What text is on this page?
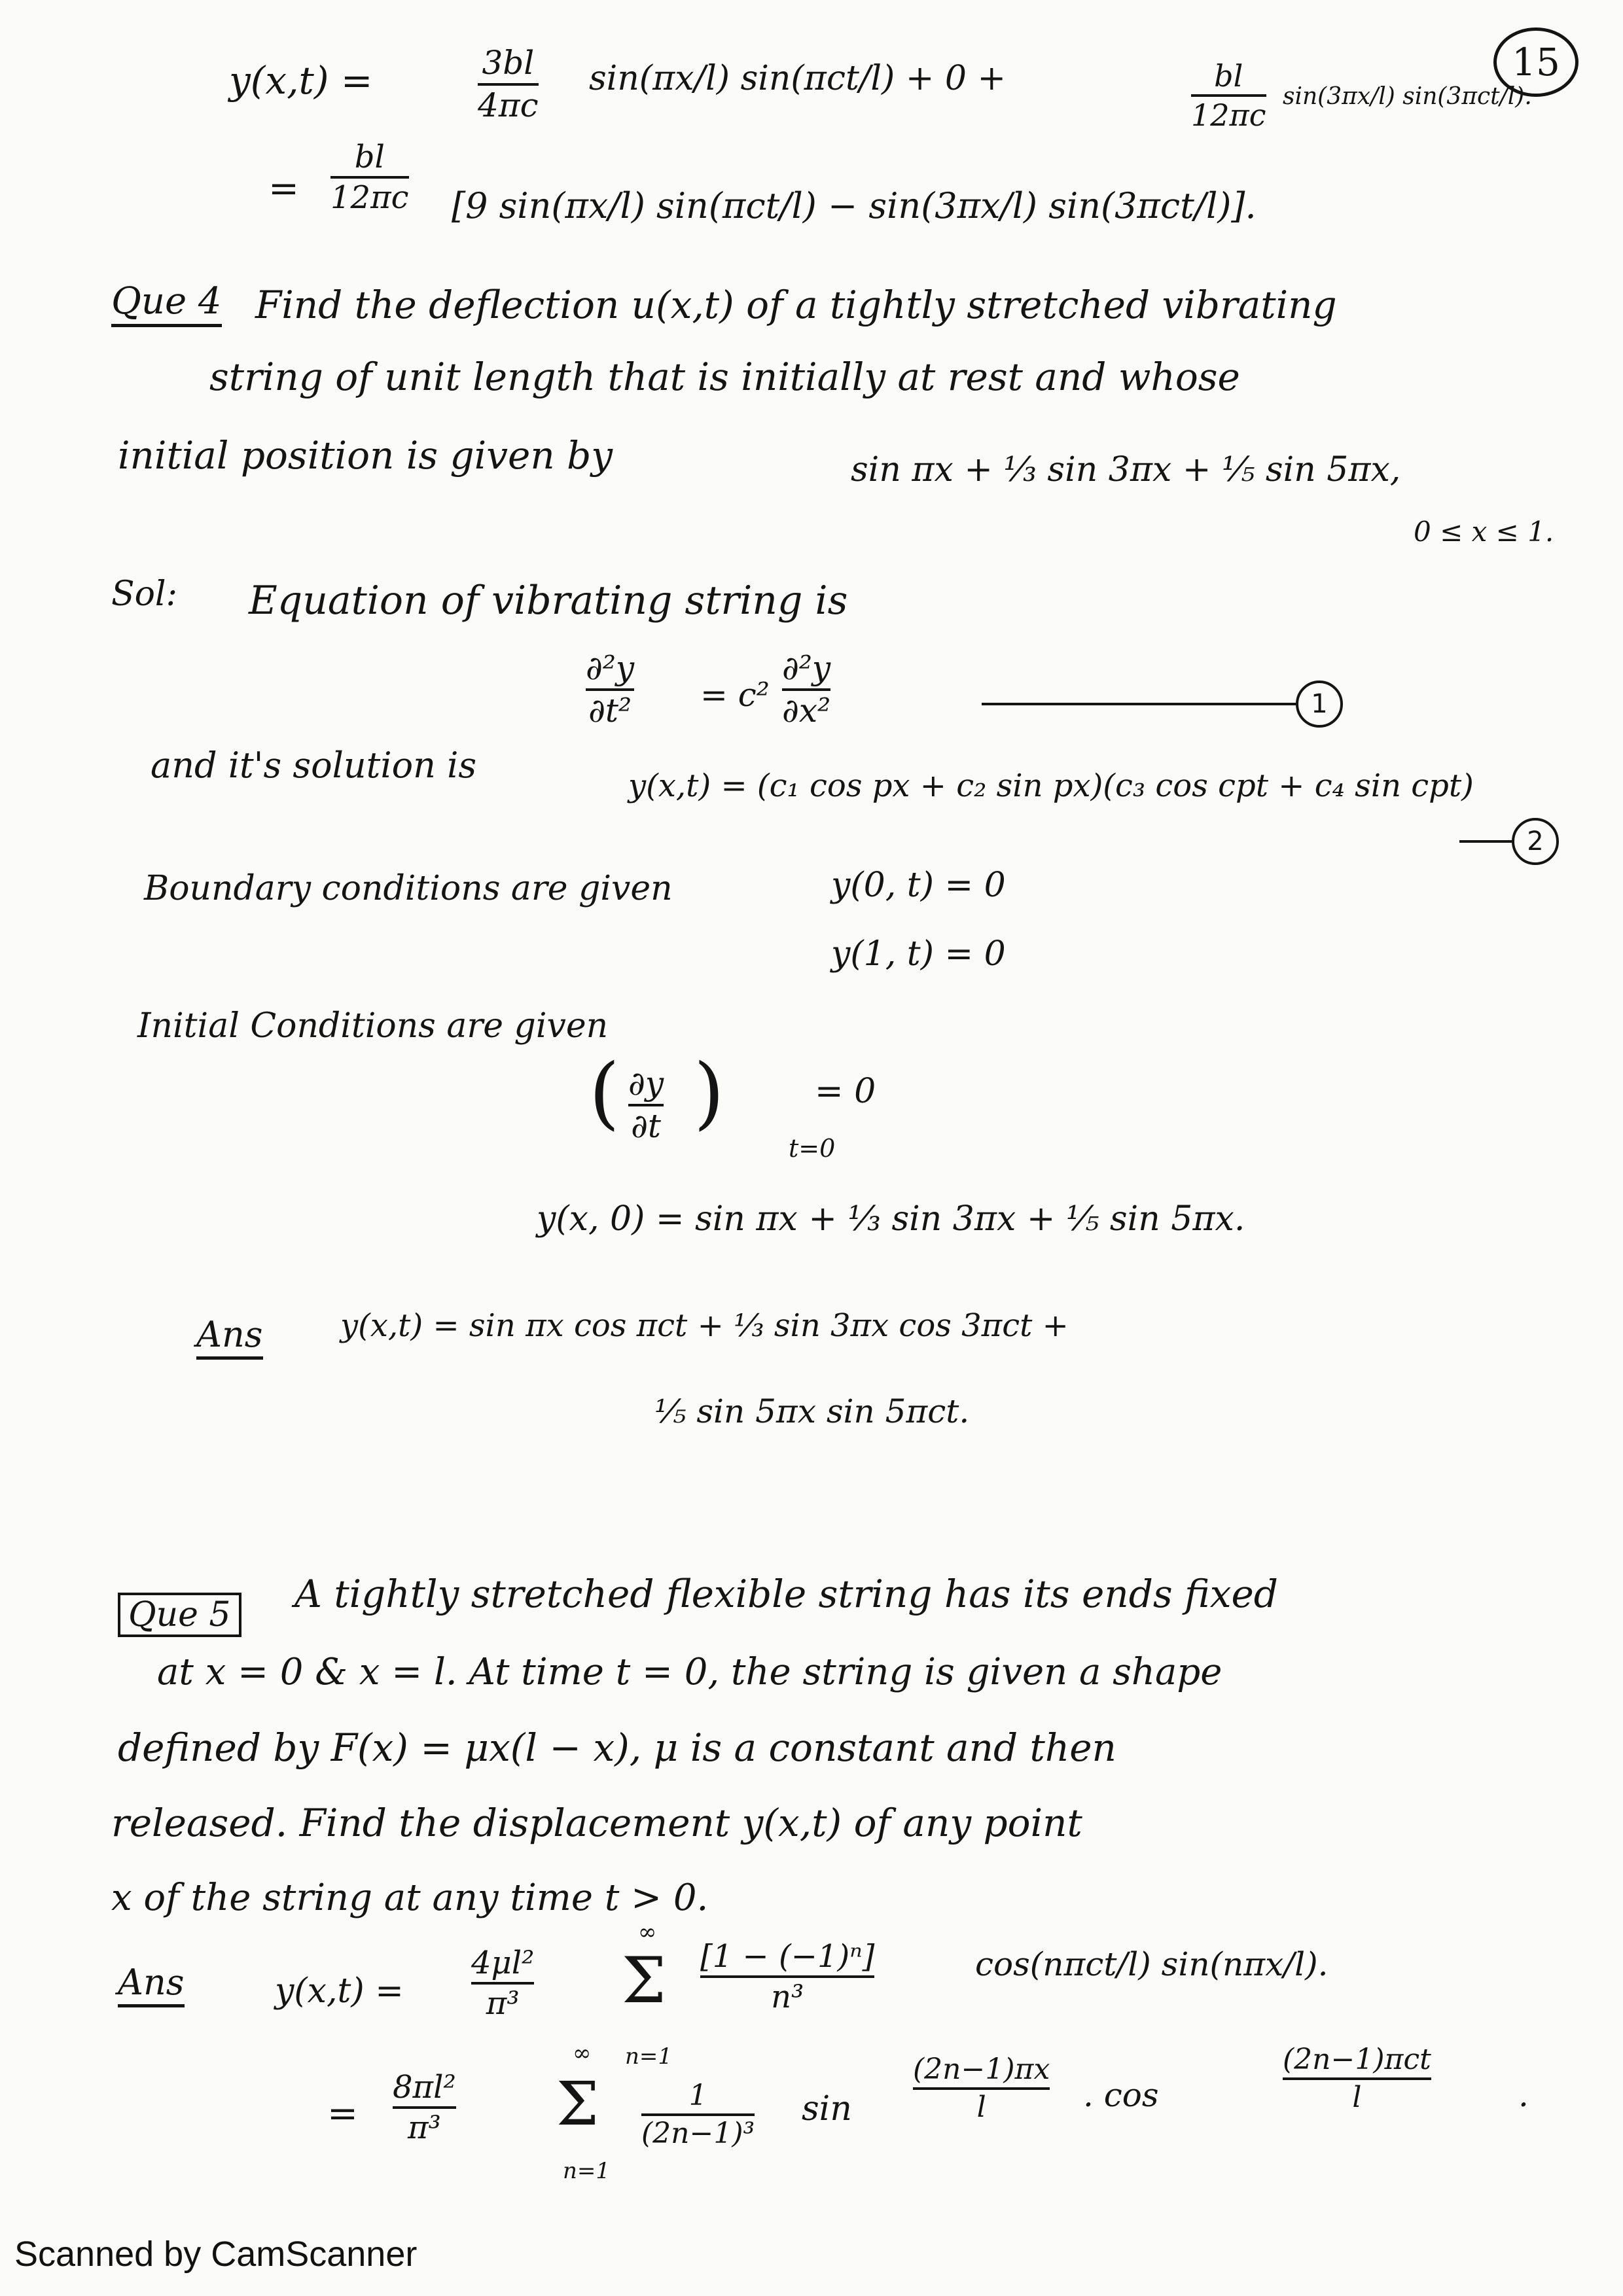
15
y(x,t) =	3bl
4πc
sin(πx/l) sin(πct/l) + 0 +	bl
12πc
sin(3πx/l) sin(3πct/l).
=
bl
12πc [9 sin(πx/l) sin(πct/l) − sin(3πx/l) sin(3πct/l)].
Que 4 Find the deflection u(x,t) of a tightly stretched vibrating
string of unit length that is initially at rest and whose
initial position is given by	sin πx + ⅓ sin 3πx + ⅕ sin 5πx,
0 ≤ x ≤ 1.
Sol: Equation of vibrating string is
∂²y
∂t² = c²
∂²y
∂x²	1
and it's solution is	y(x,t) = (c₁ cos px + c₂ sin px)(c₃ cos cpt + c₄ sin cpt)
2
Boundary conditions are given	y(0, t) = 0
y(1, t) = 0
Initial Conditions are given
( ∂y
∂t )
t=0
= 0
y(x, 0) = sin πx + ⅓ sin 3πx + ⅕ sin 5πx.
Ans y(x,t) = sin πx cos πct + ⅓ sin 3πx cos 3πct +
⅕ sin 5πx sin 5πct.
Que 5 A tightly stretched flexible string has its ends fixed
at x = 0 & x = l. At time t = 0, the string is given a shape
defined by F(x) = μx(l − x), μ is a constant and then
released. Find the displacement y(x,t) of any point
x of the string at any time t > 0.
Ans	y(x,t) =
4μl²
π³
∞
Σ
n=1
[1 − (−1)ⁿ]
n³
cos(nπct/l) sin(nπx/l).
=
8πl²
π³
∞
Σ
n=1
1
(2n−1)³
sin
(2n−1)πx
l	. cos
(2n−1)πct
l	.
Scanned by CamScanner
